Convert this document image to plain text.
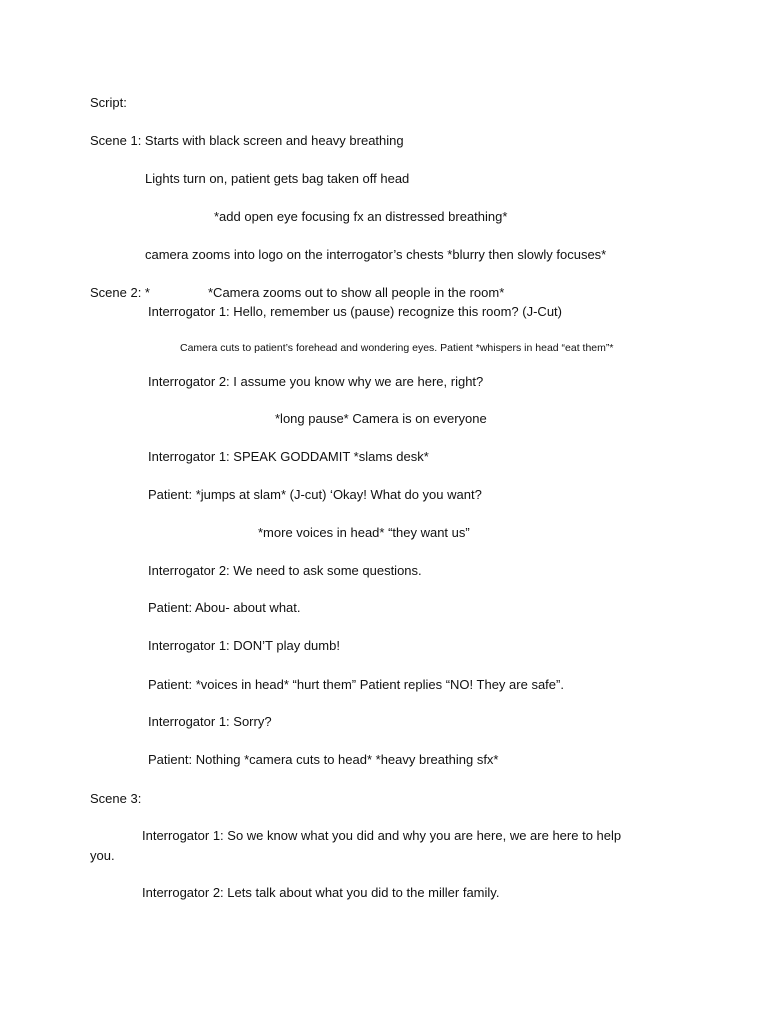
Script:
Scene 1: Starts with black screen and heavy breathing
Lights turn on, patient gets bag taken off head
*add open eye focusing fx an distressed breathing*
camera zooms into logo on the interrogator’s chests *blurry then slowly focuses*
Scene 2: *	*Camera zooms out to show all people in the room*
Interrogator 1: Hello, remember us (pause) recognize this room? (J-Cut)
Camera cuts to patient’s forehead and wondering eyes. Patient *whispers in head “eat them”*
Interrogator 2: I assume you know why we are here, right?
*long pause* Camera is on everyone
Interrogator 1: SPEAK GODDAMIT *slams desk*
Patient: *jumps at slam* (J-cut) ‘Okay! What do you want?
*more voices in head* “they want us”
Interrogator 2: We need to ask some questions.
Patient: Abou- about what.
Interrogator 1: DON’T play dumb!
Patient: *voices in head* “hurt them” Patient replies “NO! They are safe”.
Interrogator 1: Sorry?
Patient: Nothing *camera cuts to head* *heavy breathing sfx*
Scene 3:
Interrogator 1: So we know what you did and why you are here, we are here to help
you.
Interrogator 2: Lets talk about what you did to the miller family.
